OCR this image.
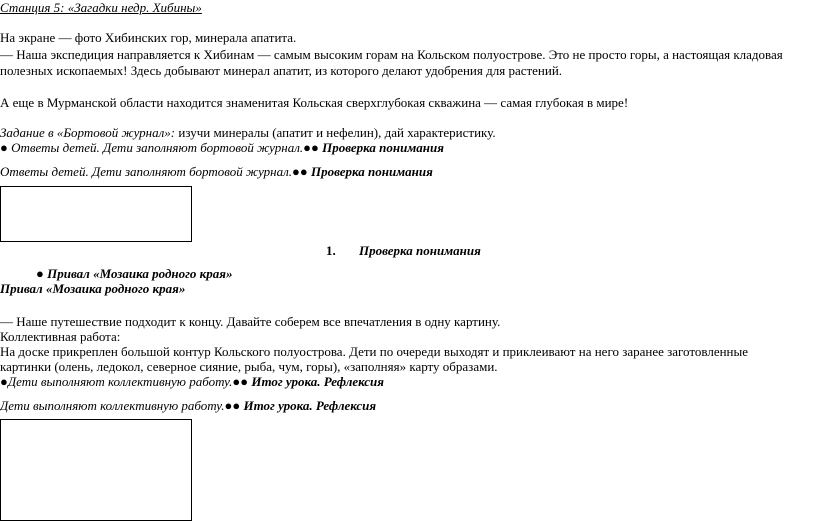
Станция 5: «Загадки недр. Хибины»
На экране — фото Хибинских гор, минерала апатита.
— Наша экспедиция направляется к Хибинам — самым высоким горам на Кольском полуострове. Это не просто горы, а настоящая кладовая
полезных ископаемых! Здесь добывают минерал апатит, из которого делают удобрения для растений.
А еще в Мурманской области находится знаменитая Кольская сверхглубокая скважина — самая глубокая в мире!
Задание в «Бортовой журнал»: изучи минералы (апатит и нефелин), дай характеристику.
● Ответы детей. Дети заполняют бортовой журнал.●● Проверка понимания
Ответы детей. Дети заполняют бортовой журнал.●● Проверка понимания
1. Проверка понимания
● Привал «Мозаика родного края»
Привал «Мозаика родного края»
— Наше путешествие подходит к концу. Давайте соберем все впечатления в одну картину.
Коллективная работа:
На доске прикреплен большой контур Кольского полуострова. Дети по очереди выходят и приклеивают на него заранее заготовленные
картинки (олень, ледокол, северное сияние, рыба, чум, горы), «заполняя» карту образами.
●Дети выполняют коллективную работу.●● Итог урока. Рефлексия
Дети выполняют коллективную работу.●● Итог урока. Рефлексия
